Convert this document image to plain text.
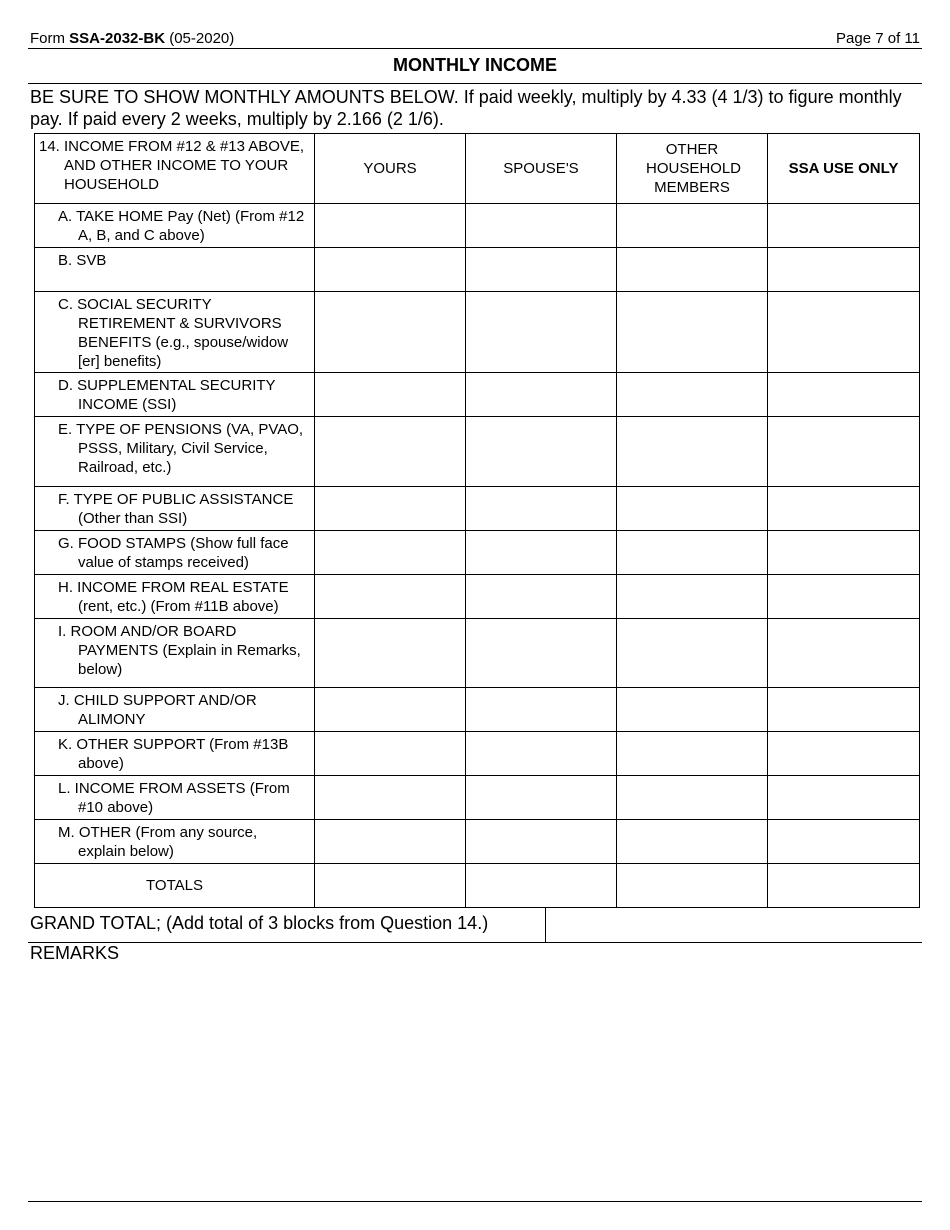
Form SSA-2032-BK (05-2020)	Page 7 of 11
MONTHLY INCOME
BE SURE TO SHOW MONTHLY AMOUNTS BELOW. If paid weekly, multiply by 4.33 (4 1/3) to figure monthly pay. If paid every 2 weeks, multiply by 2.166 (2 1/6).
14. INCOME FROM #12 & #13 ABOVE, AND OTHER INCOME TO YOUR HOUSEHOLD	YOURS	SPOUSE'S	OTHER HOUSEHOLD MEMBERS	SSA USE ONLY

A. TAKE HOME Pay (Net) (From #12 A, B, and C above)				

B. SVB				

C. SOCIAL SECURITY RETIREMENT & SURVIVORS BENEFITS (e.g., spouse/widow [er] benefits)				

D. SUPPLEMENTAL SECURITY INCOME (SSI)				

E. TYPE OF PENSIONS (VA, PVAO, PSSS, Military, Civil Service, Railroad, etc.)				

F. TYPE OF PUBLIC ASSISTANCE (Other than SSI)				

G. FOOD STAMPS (Show full face value of stamps received)				

H. INCOME FROM REAL ESTATE (rent, etc.) (From #11B above)				

I. ROOM AND/OR BOARD PAYMENTS (Explain in Remarks, below)				

J. CHILD SUPPORT AND/OR ALIMONY				

K. OTHER SUPPORT (From #13B above)				

L. INCOME FROM ASSETS (From #10 above)				

M. OTHER (From any source, explain below)				

TOTALS				
GRAND TOTAL; (Add total of 3 blocks from Question 14.)
REMARKS
